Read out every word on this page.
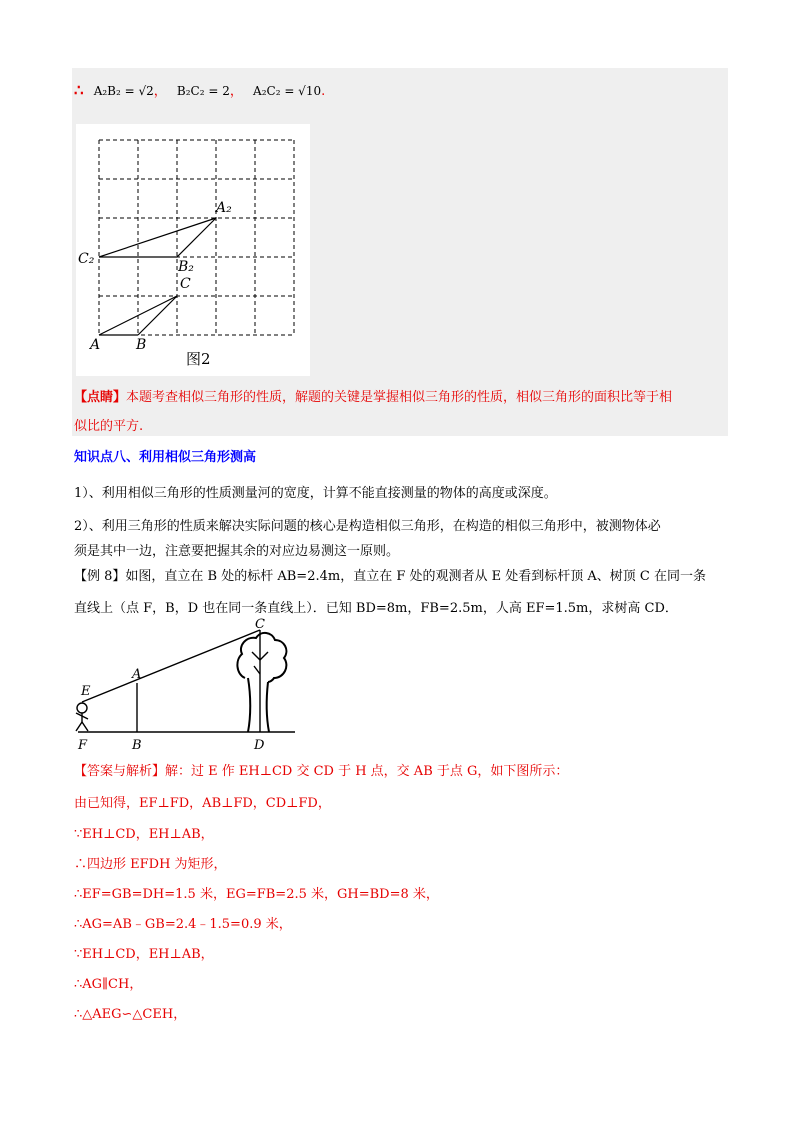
∴ A₂B₂ = √2， B₂C₂ = 2， A₂C₂ = √10.
A₂
C₂	B₂
C
A	B
图2
【点睛】本题考查相似三角形的性质，解题的关键是掌握相似三角形的性质，相似三角形的面积比等于相
似比的平方.
知识点八、利用相似三角形测高
1）、利用相似三角形的性质测量河的宽度，计算不能直接测量的物体的高度或深度。
2）、利用三角形的性质来解决实际问题的核心是构造相似三角形，在构造的相似三角形中，被测物体必
须是其中一边，注意要把握其余的对应边易测这一原则。
【例 8】如图，直立在 B 处的标杆 AB=2.4m，直立在 F 处的观测者从 E 处看到标杆顶 A、树顶 C 在同一条
直线上（点 F，B，D 也在同一条直线上）．已知 BD=8m，FB=2.5m，人高 EF=1.5m，求树高 CD．
C
A
E
F	B	D
【答案与解析】解：过 E 作 EH⊥CD 交 CD 于 H 点，交 AB 于点 G，如下图所示：
由已知得，EF⊥FD，AB⊥FD，CD⊥FD，
∵EH⊥CD，EH⊥AB，
∴四边形 EFDH 为矩形，
∴EF=GB=DH=1.5 米，EG=FB=2.5 米，GH=BD=8 米，
∴AG=AB﹣GB=2.4﹣1.5=0.9 米，
∵EH⊥CD，EH⊥AB，
∴AG∥CH，
∴△AEG∽△CEH，
